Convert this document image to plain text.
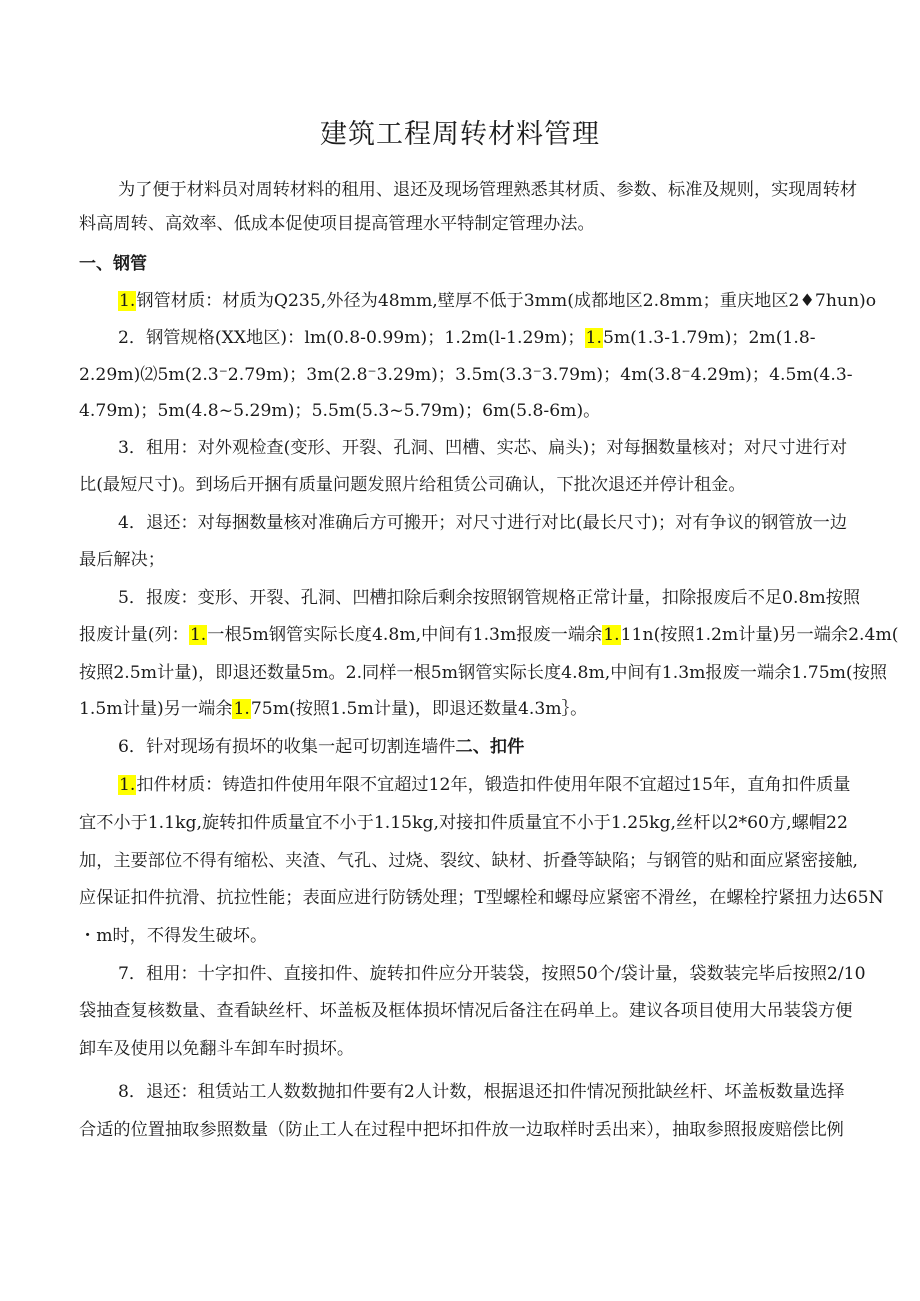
建筑工程周转材料管理
为了便于材料员对周转材料的租用、退还及现场管理熟悉其材质、参数、标准及规则，实现周转材
料高周转、高效率、低成本促使项目提高管理水平特制定管理办法。
一、钢管
1.钢管材质：材质为Q235,外径为48mm,壁厚不低于3mm(成都地区2.8mm；重庆地区2♦7hun)o
2．钢管规格(XX地区)：lm(0.8-0.99m)；1.2m(l-1.29m)；1.5m(1.3-1.79m)；2m(1.8-
2.29m)⑵5m(2.3⁻2.79m)；3m(2.8⁻3.29m)；3.5m(3.3⁻3.79m)；4m(3.8⁻4.29m)；4.5m(4.3-
4.79m)；5m(4.8~5.29m)；5.5m(5.3~5.79m)；6m(5.8-6m)。
3．租用：对外观检查(变形、开裂、孔洞、凹槽、实芯、扁头)；对每捆数量核对；对尺寸进行对
比(最短尺寸)。到场后开捆有质量问题发照片给租赁公司确认，下批次退还并停计租金。
4．退还：对每捆数量核对准确后方可搬开；对尺寸进行对比(最长尺寸)；对有争议的钢管放一边
最后解决；
5．报废：变形、开裂、孔洞、凹槽扣除后剩余按照钢管规格正常计量，扣除报废后不足0.8m按照
报废计量(列：1.一根5m钢管实际长度4.8m,中间有1.3m报废一端余1.11n(按照1.2m计量)另一端余2.4m(
按照2.5m计量)，即退还数量5m。2.同样一根5m钢管实际长度4.8m,中间有1.3m报废一端余1.75m(按照
1.5m计量)另一端余1.75m(按照1.5m计量)，即退还数量4.3m｝。
6．针对现场有损坏的收集一起可切割连墙件二、扣件
1.扣件材质：铸造扣件使用年限不宜超过12年，锻造扣件使用年限不宜超过15年，直角扣件质量
宜不小于1.1kg,旋转扣件质量宜不小于1.15kg,对接扣件质量宜不小于1.25kg,丝杆以2*60方,螺帽22
加，主要部位不得有缩松、夹渣、气孔、过烧、裂纹、缺材、折叠等缺陷；与钢管的贴和面应紧密接触,
应保证扣件抗滑、抗拉性能；表面应进行防锈处理；T型螺栓和螺母应紧密不滑丝，在螺栓拧紧扭力达65N
・m时，不得发生破坏。
7．租用：十字扣件、直接扣件、旋转扣件应分开装袋，按照50个/袋计量，袋数装完毕后按照2/10
袋抽查复核数量、查看缺丝杆、坏盖板及框体损坏情况后备注在码单上。建议各项目使用大吊装袋方便
卸车及使用以免翻斗车卸车时损坏。
8．退还：租赁站工人数数抛扣件要有2人计数，根据退还扣件情况预批缺丝杆、坏盖板数量选择
合适的位置抽取参照数量（防止工人在过程中把坏扣件放一边取样时丢出来），抽取参照报废赔偿比例
